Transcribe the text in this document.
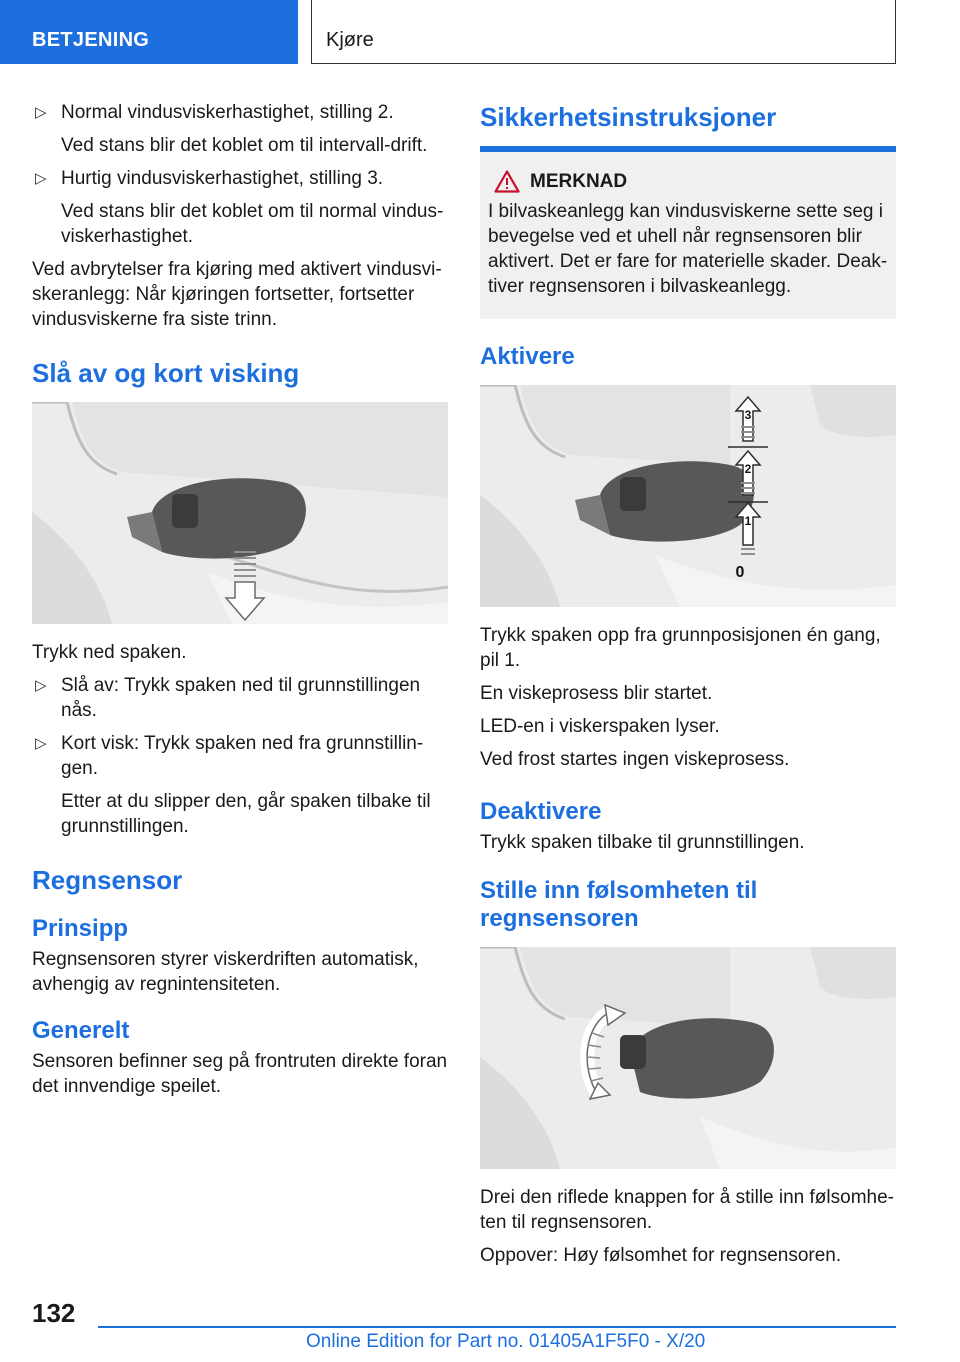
BETJENING	Kjøre
▷ Normal vindusviskerhastighet, stilling 2.

Ved stans blir det koblet om til intervall-drift.

▷ Hurtig vindusviskerhastighet, stilling 3.

Ved stans blir det koblet om til normal vindusviskerhastighet.

Ved avbrytelser fra kjøring med aktivert vindusviskeranlegg: Når kjøringen fortsetter, fortsetter vindusviskerne fra siste trinn.

Slå av og kort visking

Trykk ned spaken.

▷ Slå av: Trykk spaken ned til grunnstillingen nås.

▷ Kort visk: Trykk spaken ned fra grunnstillingen.

Etter at du slipper den, går spaken tilbake til grunnstillingen.

Regnsensor
Prinsipp

Regnsensoren styrer viskerdriften automatisk, avhengig av regnintensiteten.

Generelt

Sensoren befinner seg på frontruten direkte foran det innvendige speilet.

Sikkerhetsinstruksjoner
MERKNAD

I bilvaskeanlegg kan vindusviskerne sette seg i bevegelse ved et uhell når regnsensoren blir aktivert. Det er fare for materielle skader. Deaktiver regnsensoren i bilvaskeanlegg.

Aktivere
3
2
1
0

Trykk spaken opp fra grunnposisjonen én gang, pil 1.

En viskeprosess blir startet.

LED-en i viskerspaken lyser.

Ved frost startes ingen viskeprosess.

Deaktivere

Trykk spaken tilbake til grunnstillingen.

Stille inn følsomheten til regnsensoren

Drei den riflede knappen for å stille inn følsomheten til regnsensoren.

Oppover: Høy følsomhet for regnsensoren.

132
Online Edition for Part no. 01405A1F5F0 - X/20
